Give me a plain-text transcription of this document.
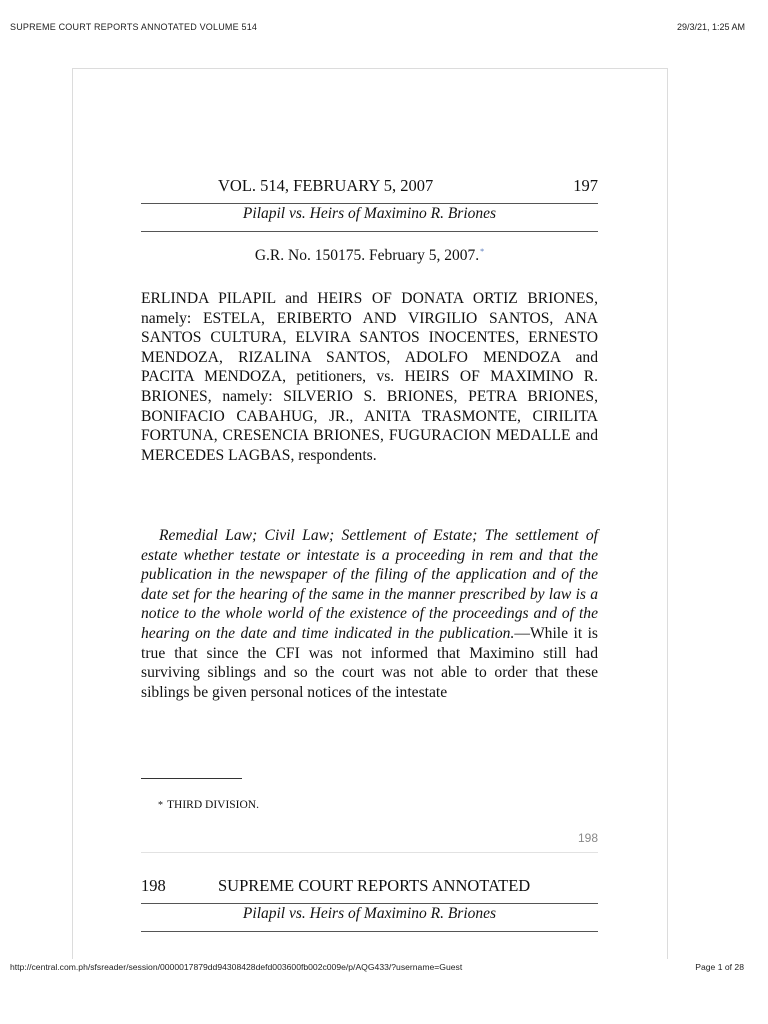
SUPREME COURT REPORTS ANNOTATED VOLUME 514	29/3/21, 1:25 AM
VOL. 514, FEBRUARY 5, 2007	197
Pilapil vs. Heirs of Maximino R. Briones
G.R. No. 150175. February 5, 2007.*
ERLINDA PILAPIL and HEIRS OF DONATA ORTIZ BRIONES, namely: ESTELA, ERIBERTO AND VIRGILIO SANTOS, ANA SANTOS CULTURA, ELVIRA SANTOS INOCENTES, ERNESTO MENDOZA, RIZALINA SANTOS, ADOLFO MENDOZA and PACITA MENDOZA, petitioners, vs. HEIRS OF MAXIMINO R. BRIONES, namely: SILVERIO S. BRIONES, PETRA BRIONES, BONIFACIO CABAHUG, JR., ANITA TRASMONTE, CIRILITA FORTUNA, CRESENCIA BRIONES, FUGURACION MEDALLE and MERCEDES LAGBAS, respondents.
Remedial Law; Civil Law; Settlement of Estate; The settlement of estate whether testate or intestate is a proceeding in rem and that the publication in the newspaper of the filing of the application and of the date set for the hearing of the same in the manner prescribed by law is a notice to the whole world of the existence of the proceedings and of the hearing on the date and time indicated in the publication.—While it is true that since the CFI was not informed that Maximino still had surviving siblings and so the court was not able to order that these siblings be given personal notices of the intestate
* THIRD DIVISION.
198
198	SUPREME COURT REPORTS ANNOTATED
Pilapil vs. Heirs of Maximino R. Briones
http://central.com.ph/sfsreader/session/0000017879dd94308428defd003600fb002c009e/p/AQG433/?username=Guest	Page 1 of 28
